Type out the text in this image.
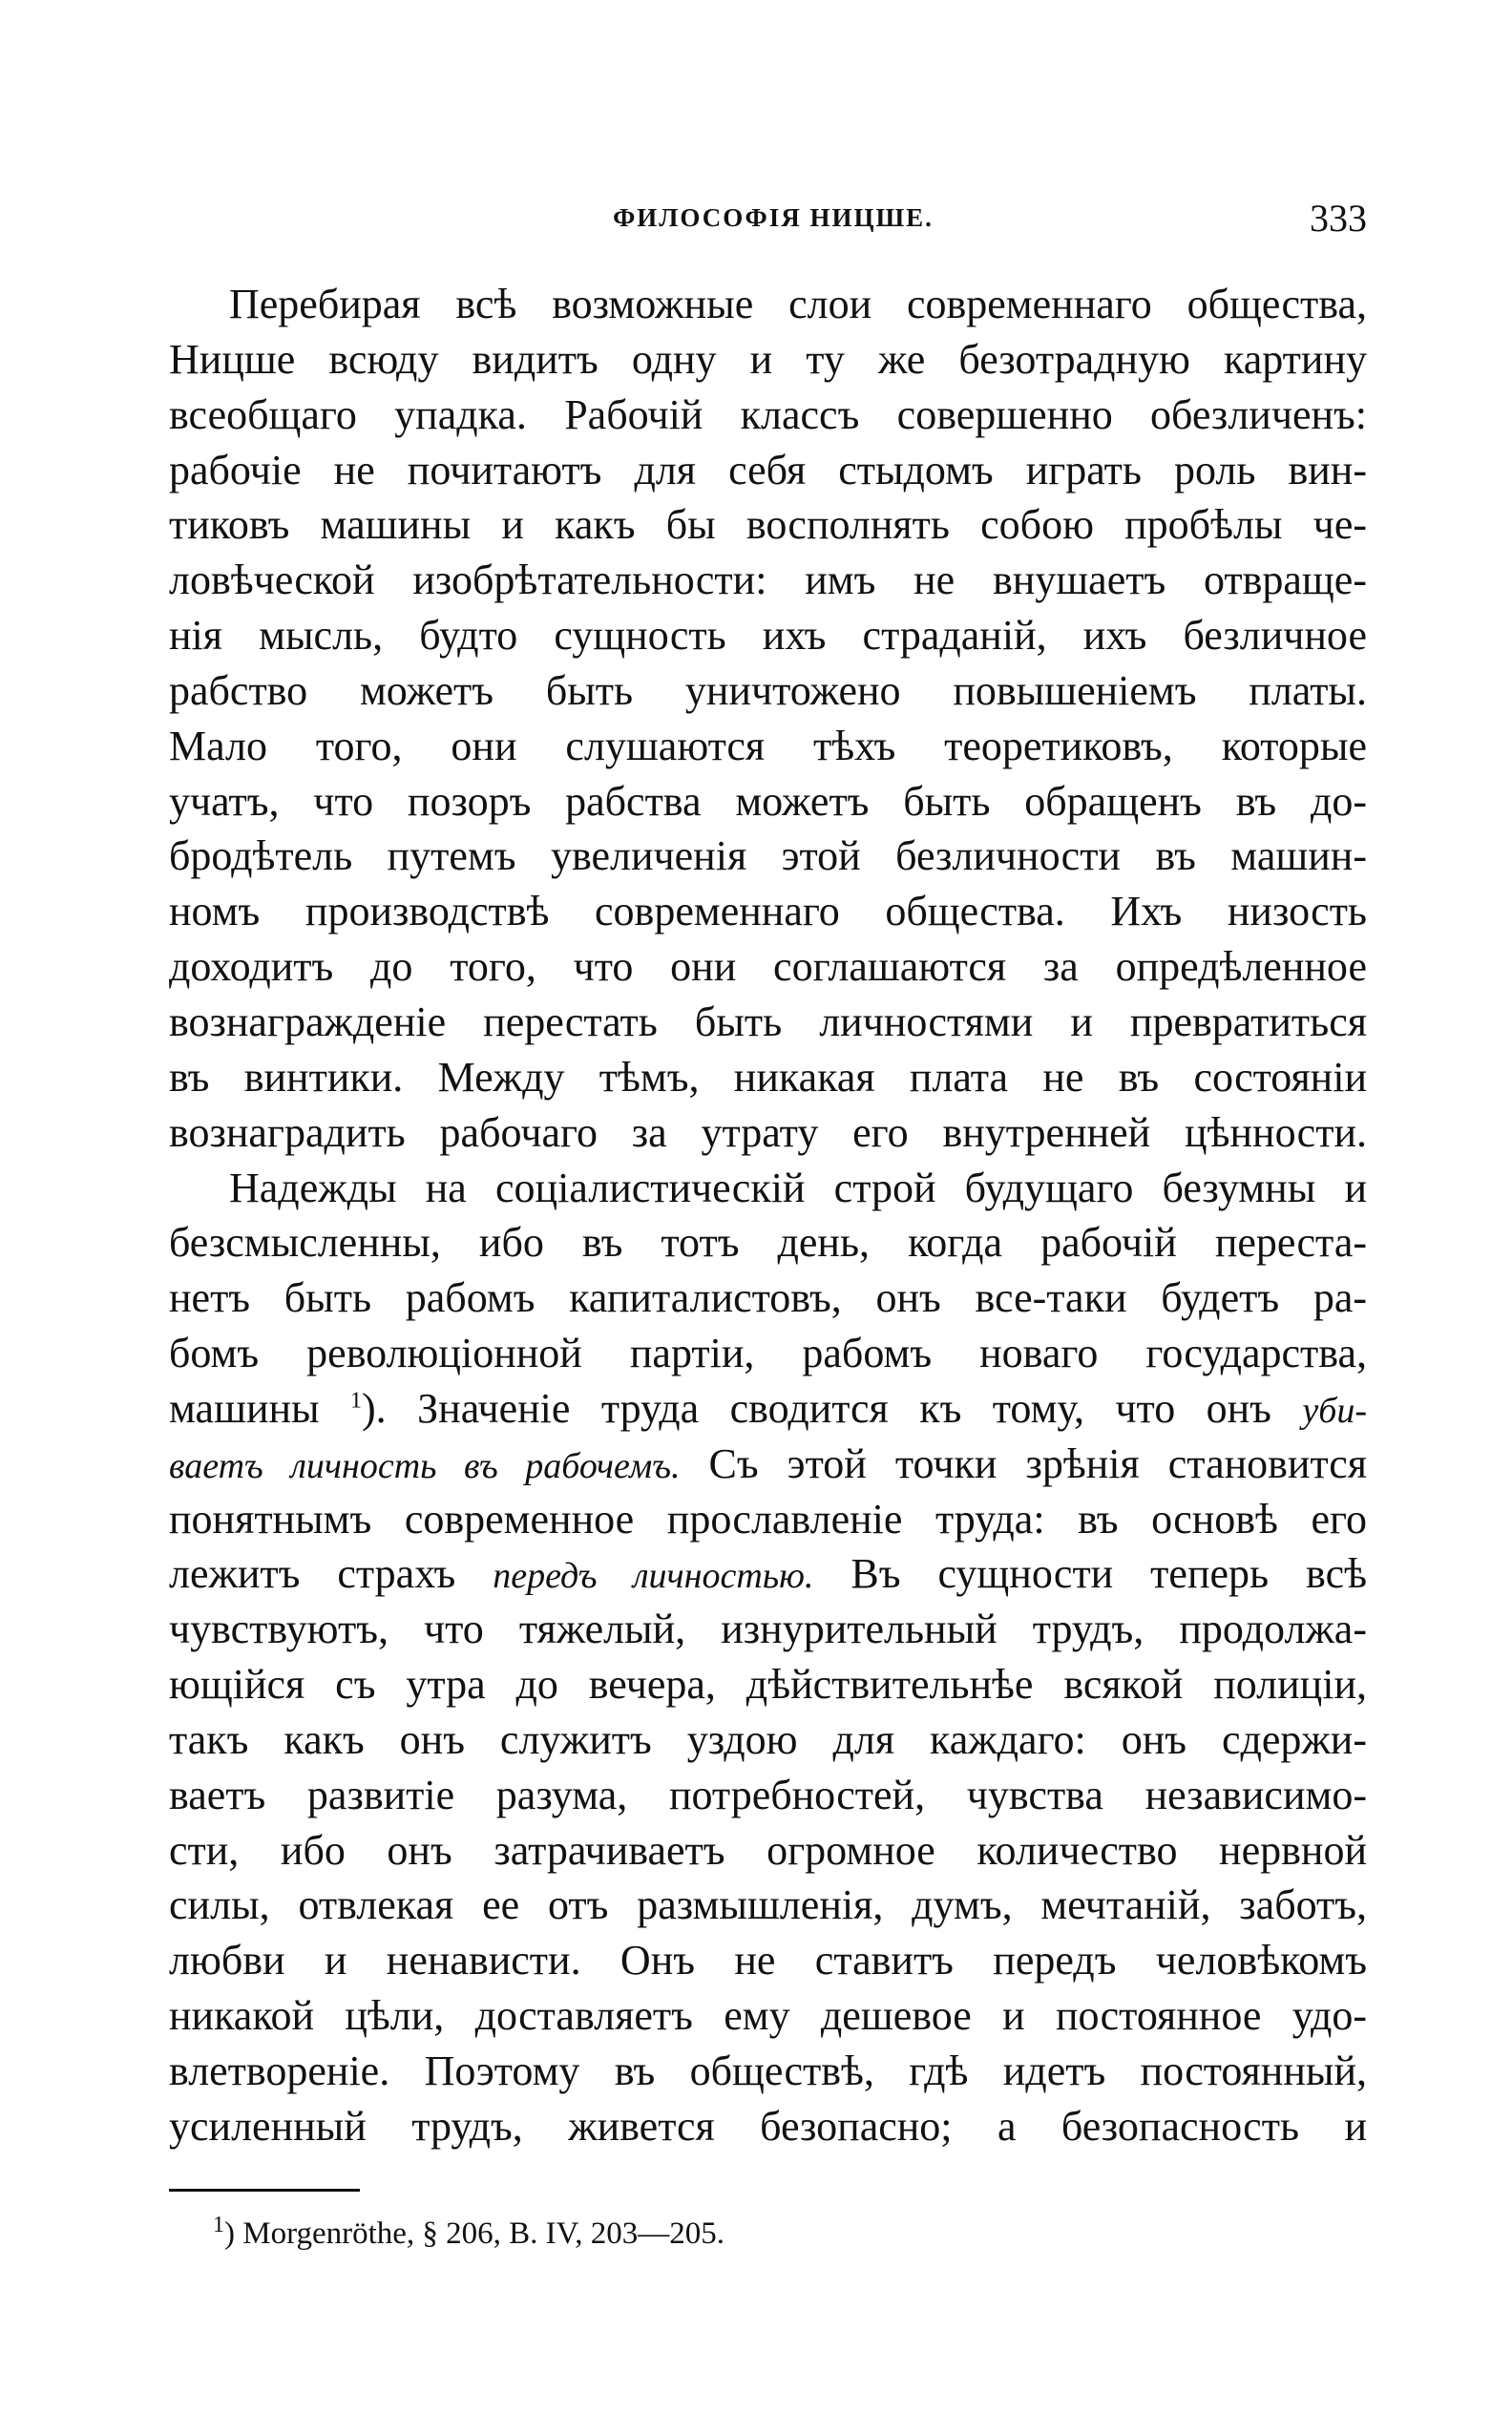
ФИЛОСОФІЯ НИЦШЕ.	333
Перебирая всѣ возможные слои современнаго общества,
Ницше всюду видитъ одну и ту же безотрадную картину
всеобщаго упадка. Рабочій классъ совершенно обезличенъ:
рабочіе не почитаютъ для себя стыдомъ играть роль вин-
тиковъ машины и какъ бы восполнять собою пробѣлы че-
ловѣческой изобрѣтательности: имъ не внушаетъ отвраще-
нія мысль, будто сущность ихъ страданій, ихъ безличное
рабство можетъ быть уничтожено повышеніемъ платы.
Мало того, они слушаются тѣхъ теоретиковъ, которые
учатъ, что позоръ рабства можетъ быть обращенъ въ до-
бродѣтель путемъ увеличенія этой безличности въ машин-
номъ производствѣ современнаго общества. Ихъ низость
доходитъ до того, что они соглашаются за опредѣленное
вознагражденіе перестать быть личностями и превратиться
въ винтики. Между тѣмъ, никакая плата не въ состояніи
вознаградить рабочаго за утрату его внутренней цѣнности.
Надежды на соціалистическій строй будущаго безумны и
безсмысленны, ибо въ тотъ день, когда рабочій переста-
нетъ быть рабомъ капиталистовъ, онъ все-таки будетъ ра-
бомъ революціонной партіи, рабомъ новаго государства,
машины $^1$). Значеніе труда сводится къ тому, что онъ уби-
ваетъ личность въ рабочемъ. Съ этой точки зрѣнія становится
понятнымъ современное прославленіе труда: въ основѣ его
лежитъ страхъ передъ личностью. Въ сущности теперь всѣ
чувствуютъ, что тяжелый, изнурительный трудъ, продолжа-
ющійся съ утра до вечера, дѣйствительнѣе всякой полиціи,
такъ какъ онъ служитъ уздою для каждаго: онъ сдержи-
ваетъ развитіе разума, потребностей, чувства независимо-
сти, ибо онъ затрачиваетъ огромное количество нервной
силы, отвлекая ее отъ размышленія, думъ, мечтаній, заботъ,
любви и ненависти. Онъ не ставитъ передъ человѣкомъ
никакой цѣли, доставляетъ ему дешевое и постоянное удо-
влетвореніе. Поэтому въ обществѣ, гдѣ идетъ постоянный,
усиленный трудъ, живется безопасно; а безопасность и
$^1$) Morgenröthe, § 206, B. IV, 203—205.
